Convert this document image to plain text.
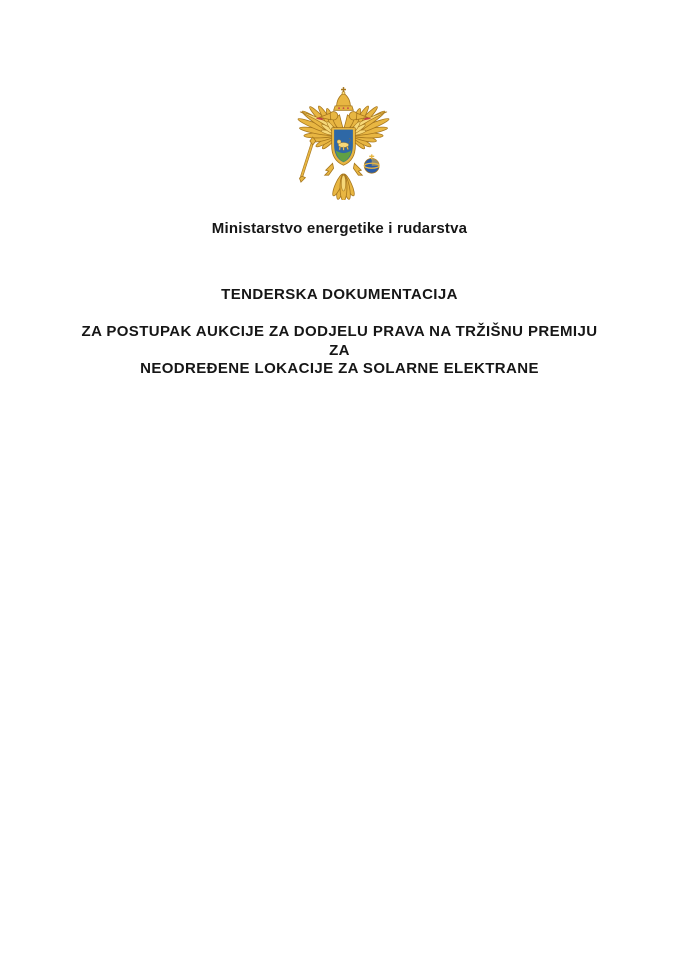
Ministarstvo energetike i rudarstva
TENDERSKA DOKUMENTACIJA
ZA POSTUPAK AUKCIJE ZA DODJELU PRAVA NA TRŽIŠNU PREMIJU
ZA
NEODREĐENE LOKACIJE ZA SOLARNE ELEKTRANE
